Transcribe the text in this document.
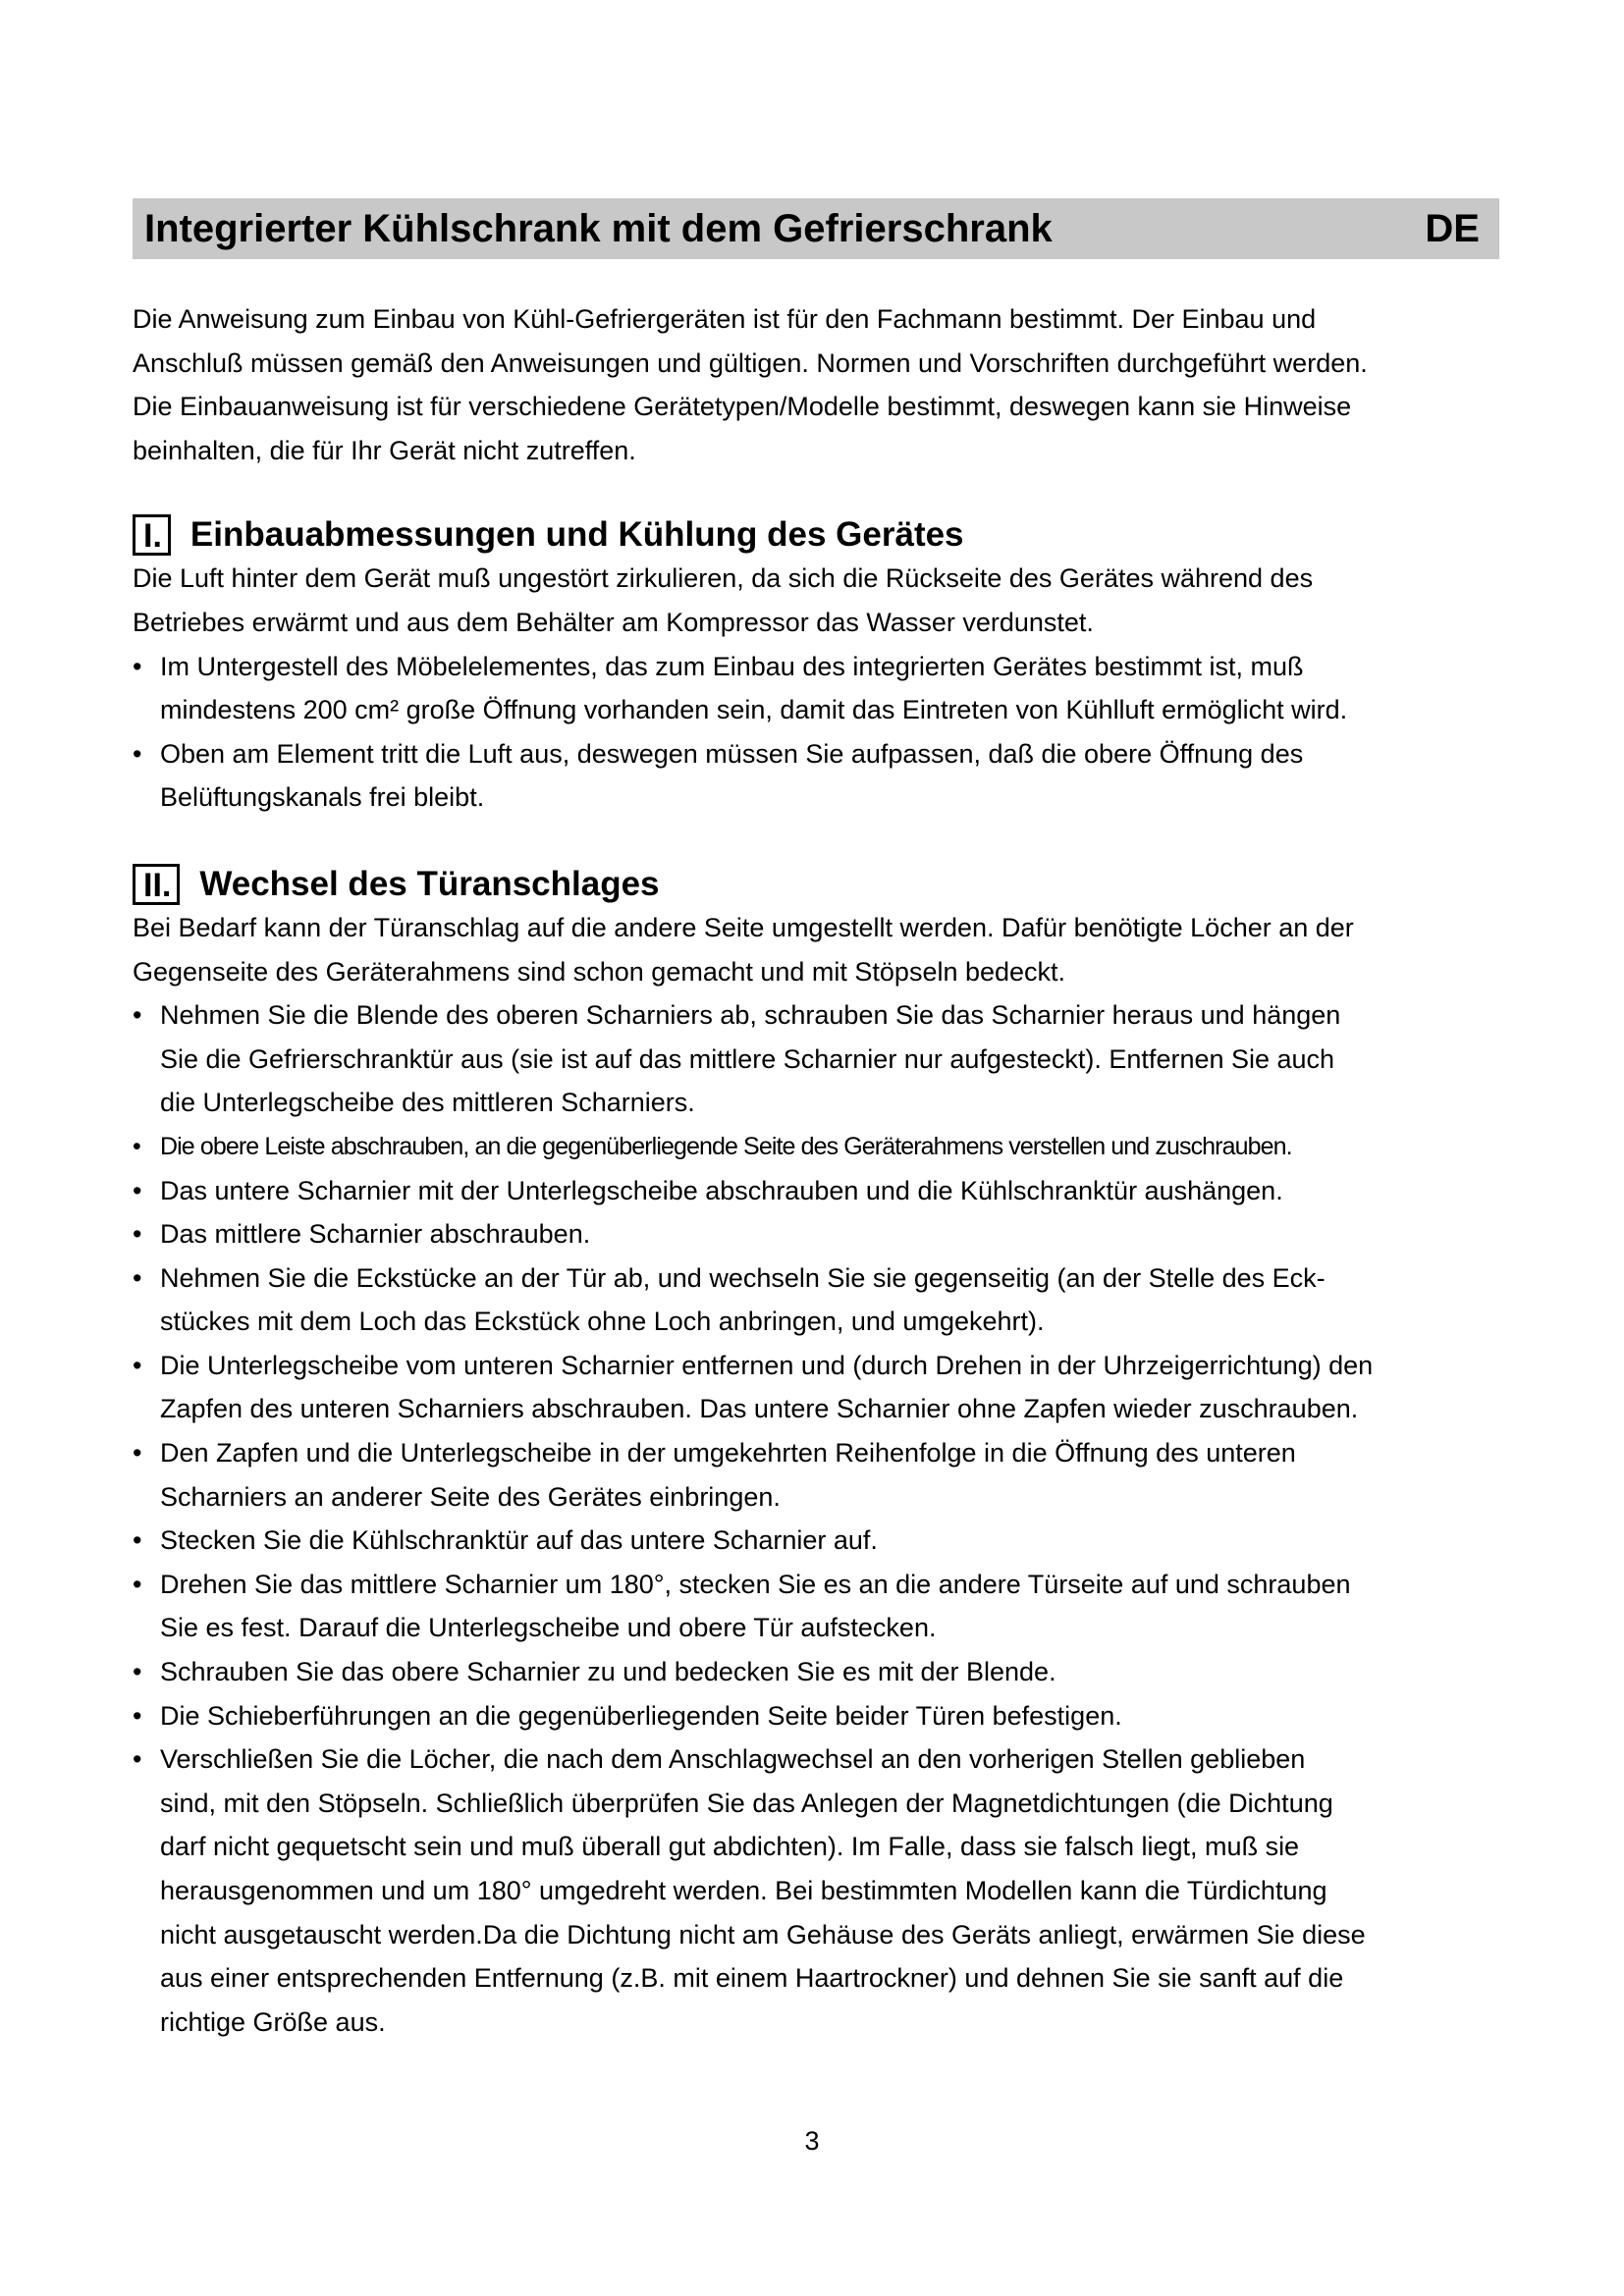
Integrierter Kühlschrank mit dem Gefrierschrank	DE
Die Anweisung zum Einbau von Kühl-Gefriergeräten ist für den Fachmann bestimmt. Der Einbau und
Anschluß müssen gemäß den Anweisungen und gültigen. Normen und Vorschriften durchgeführt werden.
Die Einbauanweisung ist für verschiedene Gerätetypen/Modelle bestimmt, deswegen kann sie Hinweise
beinhalten, die für Ihr Gerät nicht zutreffen.
I. Einbauabmessungen und Kühlung des Gerätes
Die Luft hinter dem Gerät muß ungestört zirkulieren, da sich die Rückseite des Gerätes während des
Betriebes erwärmt und aus dem Behälter am Kompressor das Wasser verdunstet.
• Im Untergestell des Möbelelementes, das zum Einbau des integrierten Gerätes bestimmt ist, muß
mindestens 200 cm² große Öffnung vorhanden sein, damit das Eintreten von Kühlluft ermöglicht wird.
• Oben am Element tritt die Luft aus, deswegen müssen Sie aufpassen, daß die obere Öffnung des
Belüftungskanals frei bleibt.
II. Wechsel des Türanschlages
Bei Bedarf kann der Türanschlag auf die andere Seite umgestellt werden. Dafür benötigte Löcher an der
Gegenseite des Geräterahmens sind schon gemacht und mit Stöpseln bedeckt.
• Nehmen Sie die Blende des oberen Scharniers ab, schrauben Sie das Scharnier heraus und hängen
Sie die Gefrierschranktür aus (sie ist auf das mittlere Scharnier nur aufgesteckt). Entfernen Sie auch
die Unterlegscheibe des mittleren Scharniers.
• Die obere Leiste abschrauben, an die gegenüberliegende Seite des Geräterahmens verstellen und zuschrauben.
• Das untere Scharnier mit der Unterlegscheibe abschrauben und die Kühlschranktür aushängen.
• Das mittlere Scharnier abschrauben.
• Nehmen Sie die Eckstücke an der Tür ab, und wechseln Sie sie gegenseitig (an der Stelle des Eck-
stückes mit dem Loch das Eckstück ohne Loch anbringen, und umgekehrt).
• Die Unterlegscheibe vom unteren Scharnier entfernen und (durch Drehen in der Uhrzeigerrichtung) den
Zapfen des unteren Scharniers abschrauben. Das untere Scharnier ohne Zapfen wieder zuschrauben.
• Den Zapfen und die Unterlegscheibe in der umgekehrten Reihenfolge in die Öffnung des unteren
Scharniers an anderer Seite des Gerätes einbringen.
• Stecken Sie die Kühlschranktür auf das untere Scharnier auf.
• Drehen Sie das mittlere Scharnier um 180°, stecken Sie es an die andere Türseite auf und schrauben
Sie es fest. Darauf die Unterlegscheibe und obere Tür aufstecken.
• Schrauben Sie das obere Scharnier zu und bedecken Sie es mit der Blende.
• Die Schieberführungen an die gegenüberliegenden Seite beider Türen befestigen.
• Verschließen Sie die Löcher, die nach dem Anschlagwechsel an den vorherigen Stellen geblieben
sind, mit den Stöpseln. Schließlich überprüfen Sie das Anlegen der Magnetdichtungen (die Dichtung
darf nicht gequetscht sein und muß überall gut abdichten). Im Falle, dass sie falsch liegt, muß sie
herausgenommen und um 180° umgedreht werden. Bei bestimmten Modellen kann die Türdichtung
nicht ausgetauscht werden.Da die Dichtung nicht am Gehäuse des Geräts anliegt, erwärmen Sie diese
aus einer entsprechenden Entfernung (z.B. mit einem Haartrockner) und dehnen Sie sie sanft auf die
richtige Größe aus.
3
